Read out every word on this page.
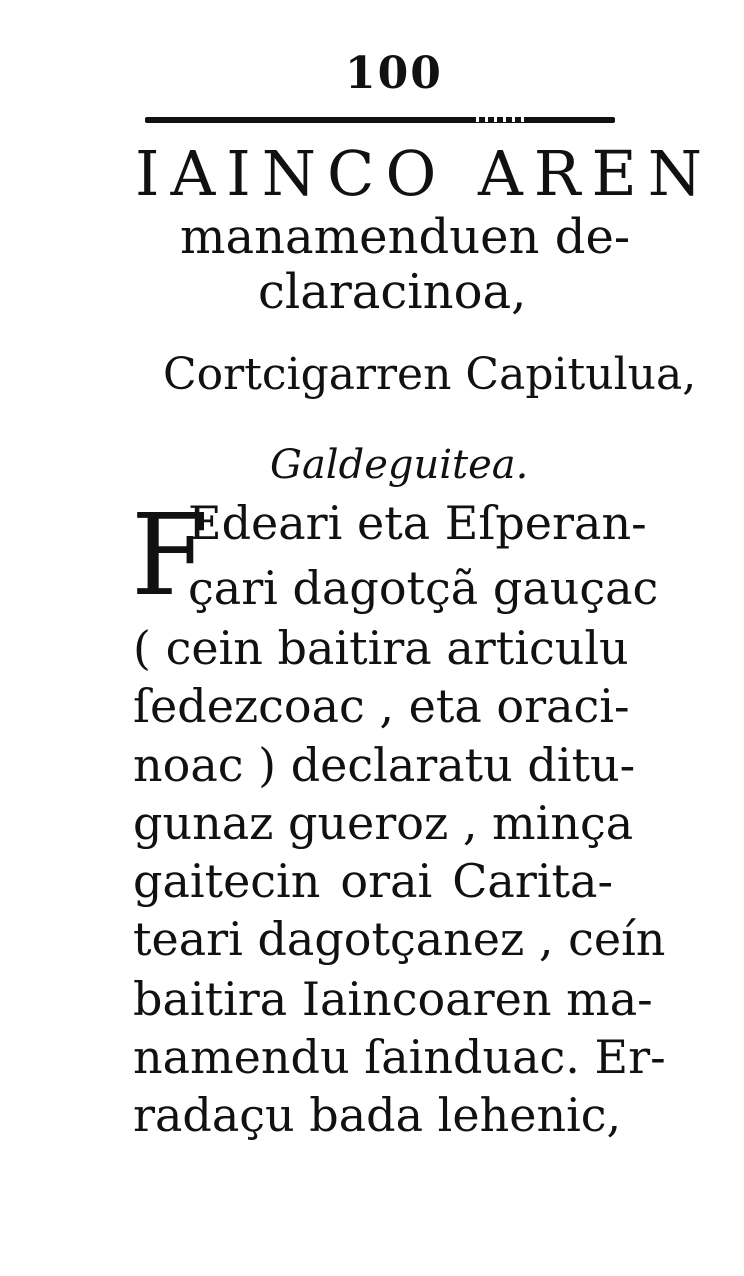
100
IAINCO AREN
manamenduen de-
claracinoa,
Cortcigarren Capitulua,
Galdeguitea.
F
Edeari eta Eſperan-
çari dagotçã gauçac
( cein baitira articulu
ſedezcoac , eta oraci-
noac ) declaratu ditu-
gunaz gueroz , minça
gaitecin orai Carita-
teari dagotçanez , ceín
baitira Iaincoaren ma-
namendu ſainduac. Er-
radaçu bada lehenic,
